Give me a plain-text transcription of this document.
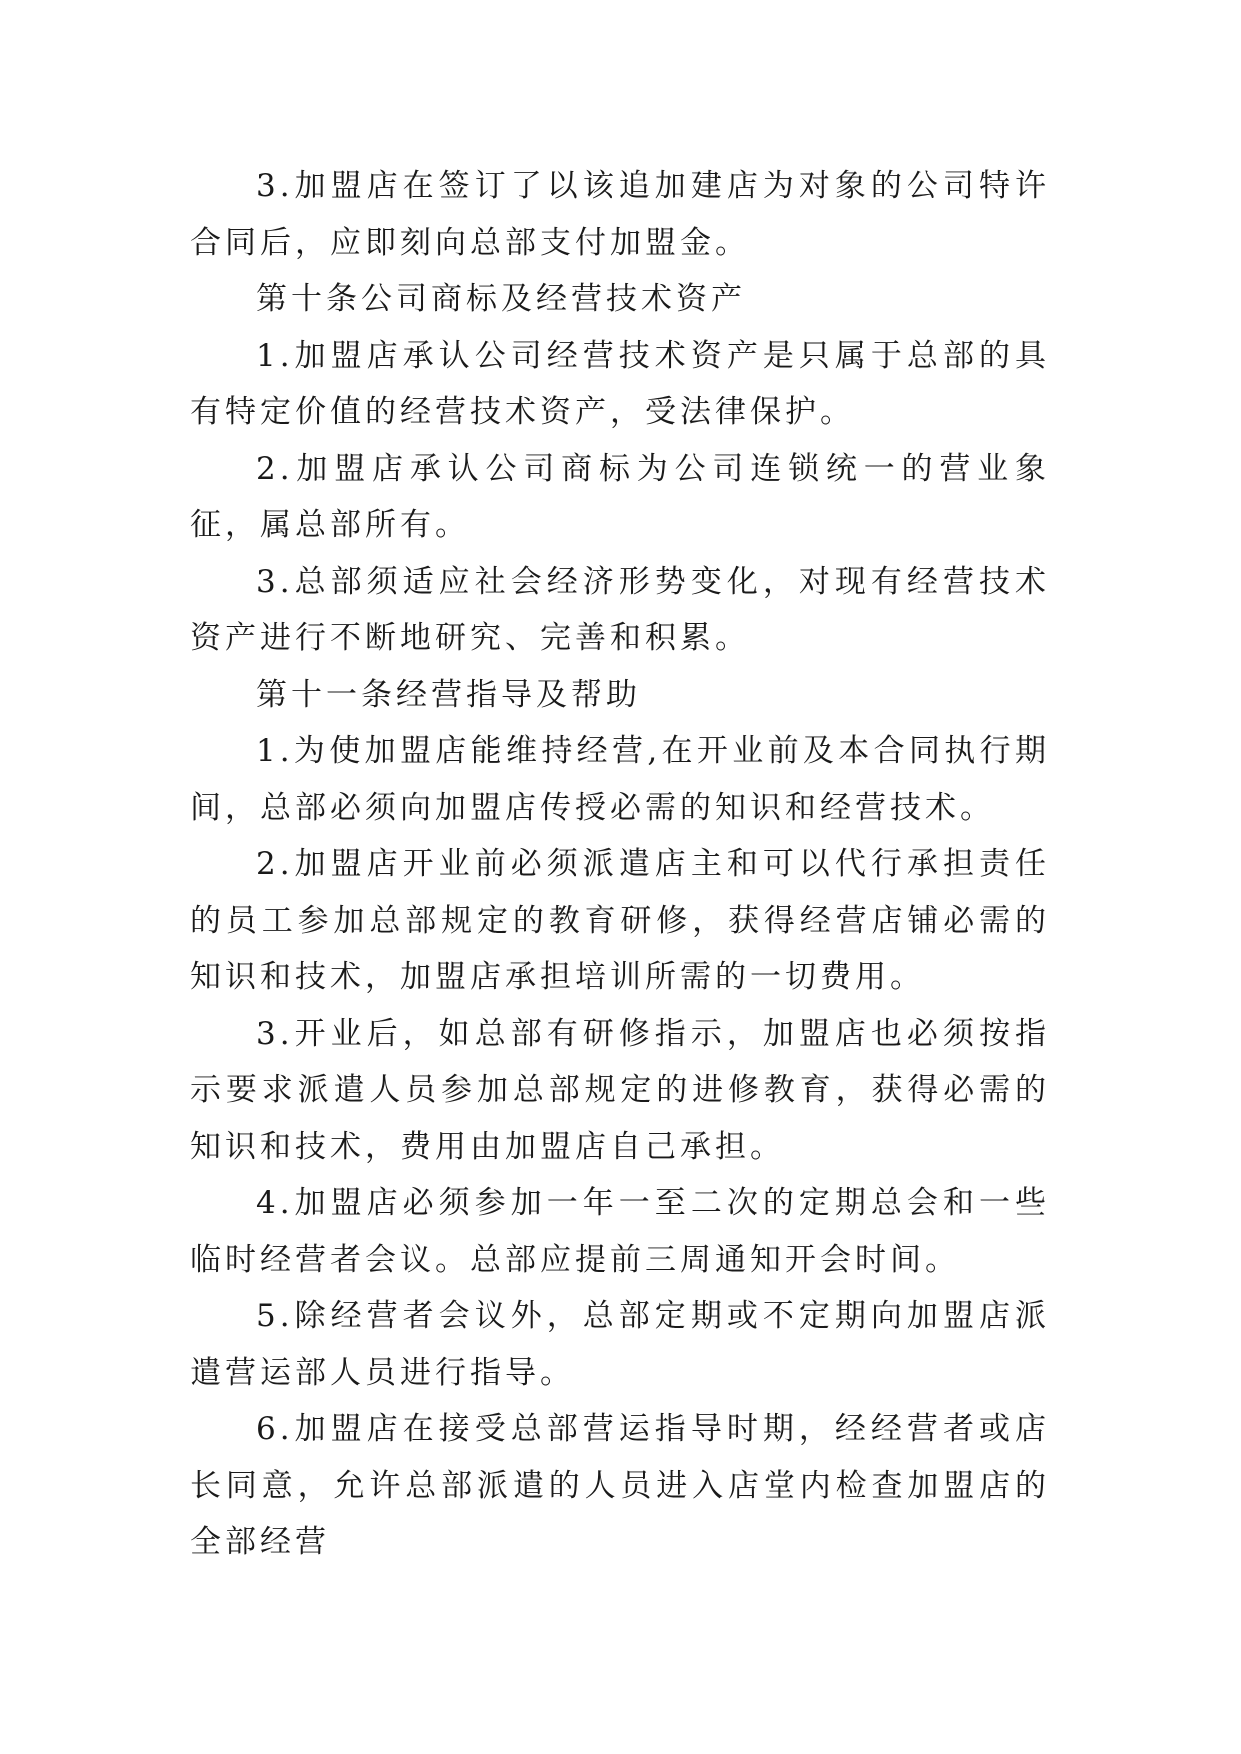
3.加盟店在签订了以该追加建店为对象的公司特许合同后，应即刻向总部支付加盟金。

第十条公司商标及经营技术资产

1.加盟店承认公司经营技术资产是只属于总部的具有特定价值的经营技术资产，受法律保护。

2.加盟店承认公司商标为公司连锁统一的营业象征，属总部所有。

3.总部须适应社会经济形势变化，对现有经营技术资产进行不断地研究、完善和积累。

第十一条经营指导及帮助

1.为使加盟店能维持经营,在开业前及本合同执行期间，总部必须向加盟店传授必需的知识和经营技术。

2.加盟店开业前必须派遣店主和可以代行承担责任的员工参加总部规定的教育研修，获得经营店铺必需的知识和技术，加盟店承担培训所需的一切费用。

3.开业后，如总部有研修指示，加盟店也必须按指示要求派遣人员参加总部规定的进修教育，获得必需的知识和技术，费用由加盟店自己承担。

4.加盟店必须参加一年一至二次的定期总会和一些临时经营者会议。总部应提前三周通知开会时间。

5.除经营者会议外，总部定期或不定期向加盟店派遣营运部人员进行指导。

6.加盟店在接受总部营运指导时期，经经营者或店长同意，允许总部派遣的人员进入店堂内检查加盟店的全部经营
